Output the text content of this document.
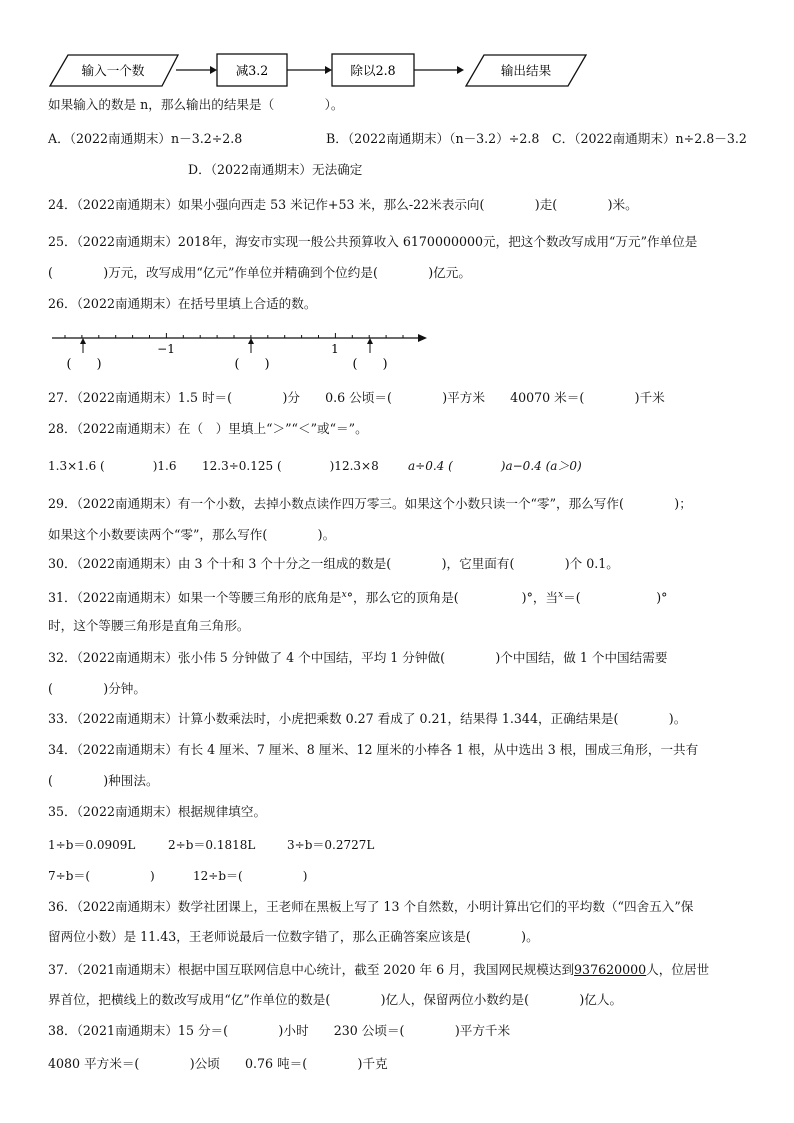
输入一个数	减3.2	除以2.8	输出结果
如果输入的数是 n，那么输出的结果是（　　　　）。
A．（2022南通期末）n－3.2÷2.8	B．（2022南通期末）（n－3.2）÷2.8 C．（2022南通期末）n÷2.8－3.2
D．（2022南通期末）无法确定
24．（2022南通期末）如果小强向西走 53 米记作+53 米，那么-22米表示向(　　　　)走(　　　　)米。
25．（2022南通期末）2018年，海安市实现一般公共预算收入 6170000000元，把这个数改写成用“万元”作单位是
(　　　　)万元，改写成用“亿元”作单位并精确到个位约是(　　　　)亿元。
26．（2022南通期末）在括号里填上合适的数。
−1	1
(　　)	(　　)	(　　)
27．（2022南通期末）1.5 时＝(　　　　)分　　0.6 公顷＝(　　　　)平方米　　40070 米＝(　　　　)千米
28．（2022南通期末）在（　）里填上“＞”“＜”或“＝”。
1.3×1.6 (　　　　)1.6 12.3÷0.125 (　　　　)12.3×8 a÷0.4 (　　　　)a−0.4 (a＞0)
29．（2022南通期末）有一个小数，去掉小数点读作四万零三。如果这个小数只读一个“零”，那么写作(　　　　)；
如果这个小数要读两个“零”，那么写作(　　　　)。
30．（2022南通期末）由 3 个十和 3 个十分之一组成的数是(　　　　)，它里面有(　　　　)个 0.1。
31．（2022南通期末）如果一个等腰三角形的底角是$^x$°，那么它的顶角是(　　　　　)°，当$^x$＝(　　　　　　)°
时，这个等腰三角形是直角三角形。
32．（2022南通期末）张小伟 5 分钟做了 4 个中国结，平均 1 分钟做(　　　　)个中国结，做 1 个中国结需要
(　　　　)分钟。
33．（2022南通期末）计算小数乘法时，小虎把乘数 0.27 看成了 0.21，结果得 1.344，正确结果是(　　　　)。
34．（2022南通期末）有长 4 厘米、7 厘米、8 厘米、12 厘米的小棒各 1 根，从中选出 3 根，围成三角形，一共有
(　　　　)种围法。
35．（2022南通期末）根据规律填空。
1÷b＝0.0909L	2÷b＝0.1818L	3÷b＝0.2727L
7÷b＝(　　　　　)	12÷b＝(　　　　　)
36．（2022南通期末）数学社团课上，王老师在黑板上写了 13 个自然数，小明计算出它们的平均数（“四舍五入”保
留两位小数）是 11.43，王老师说最后一位数字错了，那么正确答案应该是(　　　　)。
37．（2021南通期末）根据中国互联网信息中心统计，截至 2020 年 6 月，我国网民规模达到937620000人，位居世
界首位，把横线上的数改写成用“亿”作单位的数是(　　　　)亿人，保留两位小数约是(　　　　)亿人。
38．（2021南通期末）15 分＝(　　　　)小时　　230 公顷＝(　　　　)平方千米
4080 平方米＝(　　　　)公顷　　0.76 吨＝(　　　　)千克
